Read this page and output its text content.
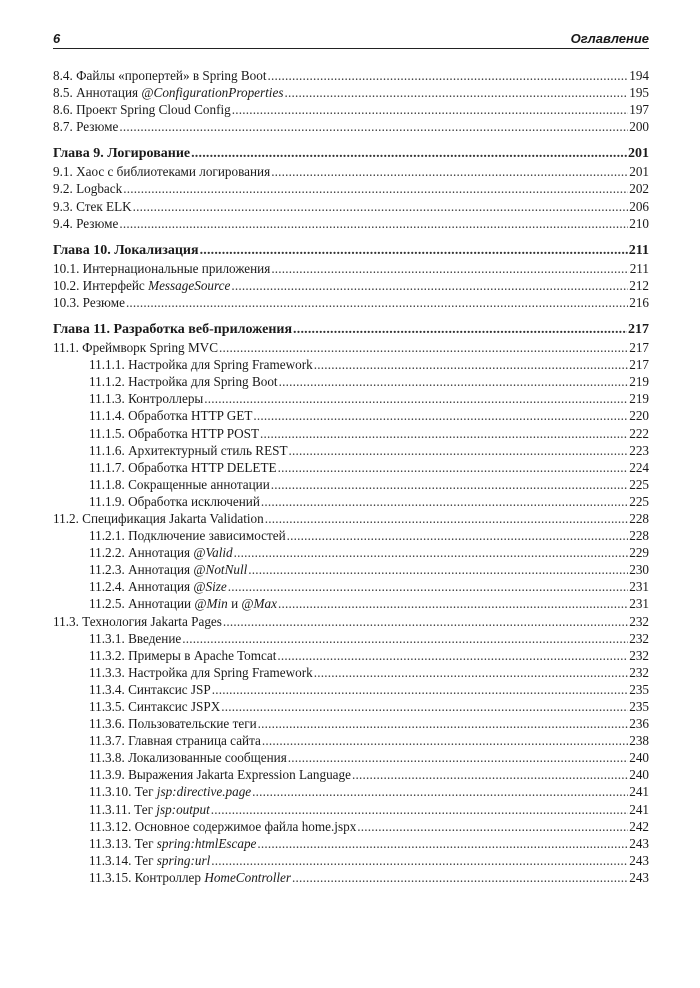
6	Оглавление
8.4. Файлы «пропертей» в Spring Boot .....	194
8.5. Аннотация @ConfigurationProperties .....	195
8.6. Проект Spring Cloud Config .....	197
8.7. Резюме .....	200
Глава 9. Логирование .....	201
9.1. Хаос с библиотеками логирования .....	201
9.2. Logback .....	202
9.3. Стек ELK .....	206
9.4. Резюме .....	210
Глава 10. Локализация .....	211
10.1. Интернациональные приложения .....	211
10.2. Интерфейс MessageSource .....	212
10.3. Резюме .....	216
Глава 11. Разработка веб-приложения .....	217
11.1. Фреймворк Spring MVC .....	217
11.1.1. Настройка для Spring Framework .....	217
11.1.2. Настройка для Spring Boot .....	219
11.1.3. Контроллеры .....	219
11.1.4. Обработка HTTP GET .....	220
11.1.5. Обработка HTTP POST .....	222
11.1.6. Архитектурный стиль REST .....	223
11.1.7. Обработка HTTP DELETE .....	224
11.1.8. Сокращенные аннотации .....	225
11.1.9. Обработка исключений .....	225
11.2. Спецификация Jakarta Validation .....	228
11.2.1. Подключение зависимостей .....	228
11.2.2. Аннотация @Valid .....	229
11.2.3. Аннотация @NotNull .....	230
11.2.4. Аннотация @Size .....	231
11.2.5. Аннотации @Min и @Max .....	231
11.3. Технология Jakarta Pages .....	232
11.3.1. Введение .....	232
11.3.2. Примеры в Apache Tomcat .....	232
11.3.3. Настройка для Spring Framework .....	232
11.3.4. Синтаксис JSP .....	235
11.3.5. Синтаксис JSPX .....	235
11.3.6. Пользовательские теги .....	236
11.3.7. Главная страница сайта .....	238
11.3.8. Локализованные сообщения .....	240
11.3.9. Выражения Jakarta Expression Language .....	240
11.3.10. Тег jsp:directive.page .....	241
11.3.11. Тег jsp:output .....	241
11.3.12. Основное содержимое файла home.jspx .....	242
11.3.13. Тег spring:htmlEscape .....	243
11.3.14. Тег spring:url .....	243
11.3.15. Контроллер HomeController .....	243
